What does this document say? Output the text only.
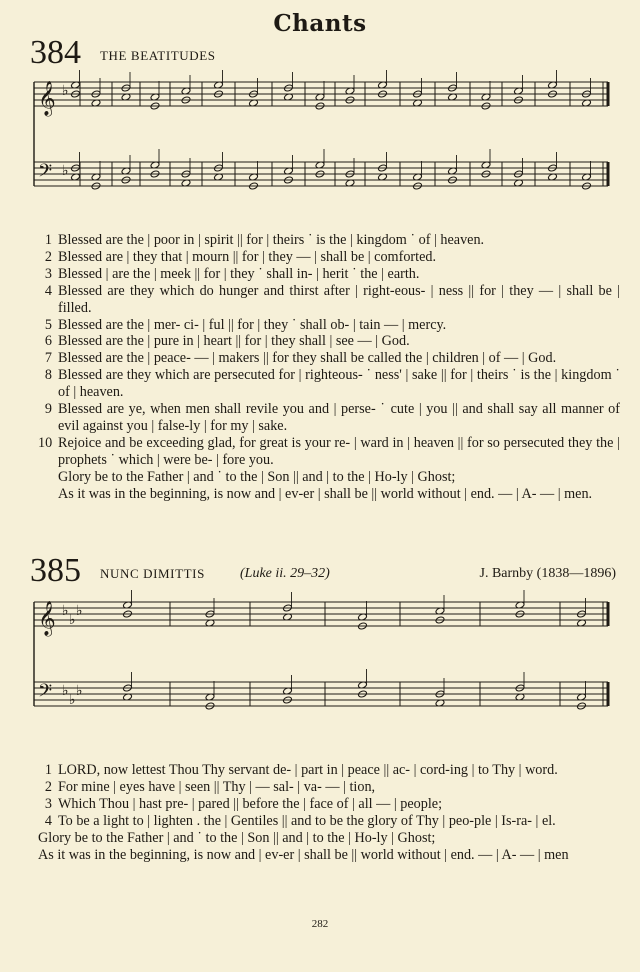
Chants
384 THE BEATITUDES
𝄞
𝄢
♭
♭
1 Blessed are the | poor in | spirit || for | theirs ˙ is the | kingdom ˙ of | heaven.
2 Blessed are | they that | mourn || for | they — | shall be | comforted.
3 Blessed | are the | meek || for | they ˙ shall in- | herit ˙ the | earth.
4 Blessed are they which do hunger and thirst after | right-eous- | ness || for | they — | shall be | filled.
5 Blessed are the | mer- ci- | ful || for | they ˙ shall ob- | tain — | mercy.
6 Blessed are the | pure in | heart || for | they shall | see — | God.
7 Blessed are the | peace- — | makers || for they shall be called the | children | of — | God.
8 Blessed are they which are persecuted for | righteous- ˙ ness' | sake || for | theirs ˙ is the | kingdom ˙ of | heaven.
9 Blessed are ye, when men shall revile you and | perse- ˙ cute | you || and shall say all manner of evil against you | false-ly | for my | sake.
10 Rejoice and be exceeding glad, for great is your re- | ward in | heaven || for so persecuted they the | prophets ˙ which | were be- | fore you.
Glory be to the Father | and ˙ to the | Son || and | to the | Ho-ly | Ghost;
As it was in the beginning, is now and | ev-er | shall be || world without | end. — | A- — | men.
385 NUNC DIMITTIS	(Luke ii. 29–32)	J. Barnby (1838—1896)
𝄞
𝄢
♭
♭
♭
♭
♭
♭
1 LORD, now lettest Thou Thy servant de- | part in | peace || ac- | cord-ing | to Thy | word.
2 For mine | eyes have | seen || Thy | — sal- | va- — | tion,
3 Which Thou | hast pre- | pared || before the | face of | all — | people;
4 To be a light to | lighten . the | Gentiles || and to be the glory of Thy | peo-ple | Is-ra- | el.
Glory be to the Father | and ˙ to the | Son || and | to the | Ho-ly | Ghost;
As it was in the beginning, is now and | ev-er | shall be || world without | end. — | A- — | men
282
